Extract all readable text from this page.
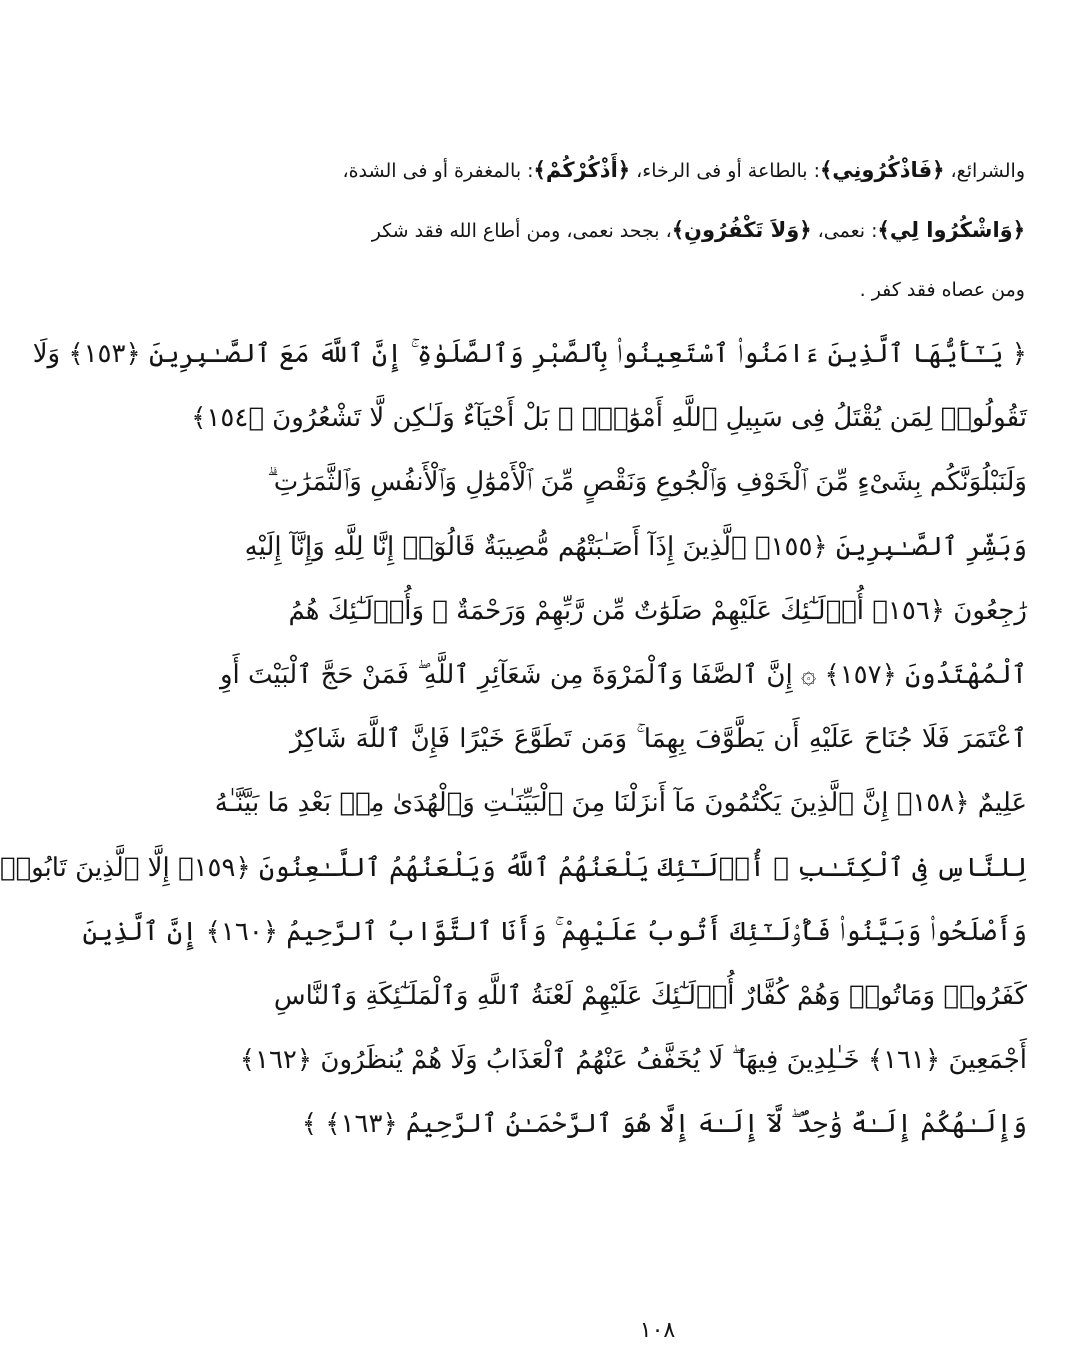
والشرائع، ﴿فَاذْكُرُونِي﴾: بالطاعة أو فى الرخاء، ﴿أَذْكُرْكُمْ﴾: بالمغفرة أو فى الشدة،
﴿وَاشْكُرُوا لِي﴾: نعمى، ﴿وَلاَ تَكْفُرُونِ﴾، بجحد نعمى، ومن أطاع الله فقد شكر
ومن عصاه فقد كفر .
﴿ يَـٰٓأَيُّهَا ٱلَّذِينَ ءَامَنُوا۟ ٱسْتَعِينُوا۟ بِٱلصَّبْرِ وَٱلصَّلَوٰةِ ۚ إِنَّ ٱللَّهَ مَعَ ٱلصَّـٰبِرِينَ ﴿١٥٣﴾ وَلَا
تَقُولُوا۟ لِمَن يُقْتَلُ فِى سَبِيلِ ٱللَّهِ أَمْوَٰتٌۢ ۚ بَلْ أَحْيَآءٌ وَلَـٰكِن لَّا تَشْعُرُونَ ﴿١٥٤﴾
وَلَنَبْلُوَنَّكُم بِشَىْءٍ مِّنَ ٱلْخَوْفِ وَٱلْجُوعِ وَنَقْصٍ مِّنَ ٱلْأَمْوَٰلِ وَٱلْأَنفُسِ وَٱلثَّمَرَٰتِ ۗ
وَبَشِّرِ ٱلصَّـٰبِرِينَ ﴿١٥٥﴾ ٱلَّذِينَ إِذَآ أَصَـٰبَتْهُم مُّصِيبَةٌ قَالُوٓا۟ إِنَّا لِلَّهِ وَإِنَّآ إِلَيْهِ
رَٰجِعُونَ ﴿١٥٦﴾ أُو۟لَـٰٓئِكَ عَلَيْهِمْ صَلَوَٰتٌ مِّن رَّبِّهِمْ وَرَحْمَةٌ ۖ وَأُو۟لَـٰٓئِكَ هُمُ
ٱلْمُهْتَدُونَ ﴿١٥٧﴾ ۞ إِنَّ ٱلصَّفَا وَٱلْمَرْوَةَ مِن شَعَآئِرِ ٱللَّهِ ۖ فَمَنْ حَجَّ ٱلْبَيْتَ أَوِ
ٱعْتَمَرَ فَلَا جُنَاحَ عَلَيْهِ أَن يَطَّوَّفَ بِهِمَا ۚ وَمَن تَطَوَّعَ خَيْرًا فَإِنَّ ٱللَّهَ شَاكِرٌ
عَلِيمٌ ﴿١٥٨﴾ إِنَّ ٱلَّذِينَ يَكْتُمُونَ مَآ أَنزَلْنَا مِنَ ٱلْبَيِّنَـٰتِ وَٱلْهُدَىٰ مِنۢ بَعْدِ مَا بَيَّنَّـٰهُ
لِلنَّاسِ فِى ٱلْكِتَـٰبِ ۙ أُو۟لَـٰٓئِكَ يَلْعَنُهُمُ ٱللَّهُ وَيَلْعَنُهُمُ ٱللَّـٰعِنُونَ ﴿١٥٩﴾ إِلَّا ٱلَّذِينَ تَابُوا۟
وَأَصْلَحُوا۟ وَبَيَّنُوا۟ فَأُو۟لَـٰٓئِكَ أَتُوبُ عَلَيْهِمْ ۚ وَأَنَا ٱلتَّوَّابُ ٱلرَّحِيمُ ﴿١٦٠﴾ إِنَّ ٱلَّذِينَ
كَفَرُوا۟ وَمَاتُوا۟ وَهُمْ كُفَّارٌ أُو۟لَـٰٓئِكَ عَلَيْهِمْ لَعْنَةُ ٱللَّهِ وَٱلْمَلَـٰٓئِكَةِ وَٱلنَّاسِ
أَجْمَعِينَ ﴿١٦١﴾ خَـٰلِدِينَ فِيهَا ۖ لَا يُخَفَّفُ عَنْهُمُ ٱلْعَذَابُ وَلَا هُمْ يُنظَرُونَ ﴿١٦٢﴾
وَإِلَـٰهُكُمْ إِلَـٰهٌ وَٰحِدٌ ۖ لَّآ إِلَـٰهَ إِلَّا هُوَ ٱلرَّحْمَـٰنُ ٱلرَّحِيمُ ﴿١٦٣﴾ ﴾
١٠٨
